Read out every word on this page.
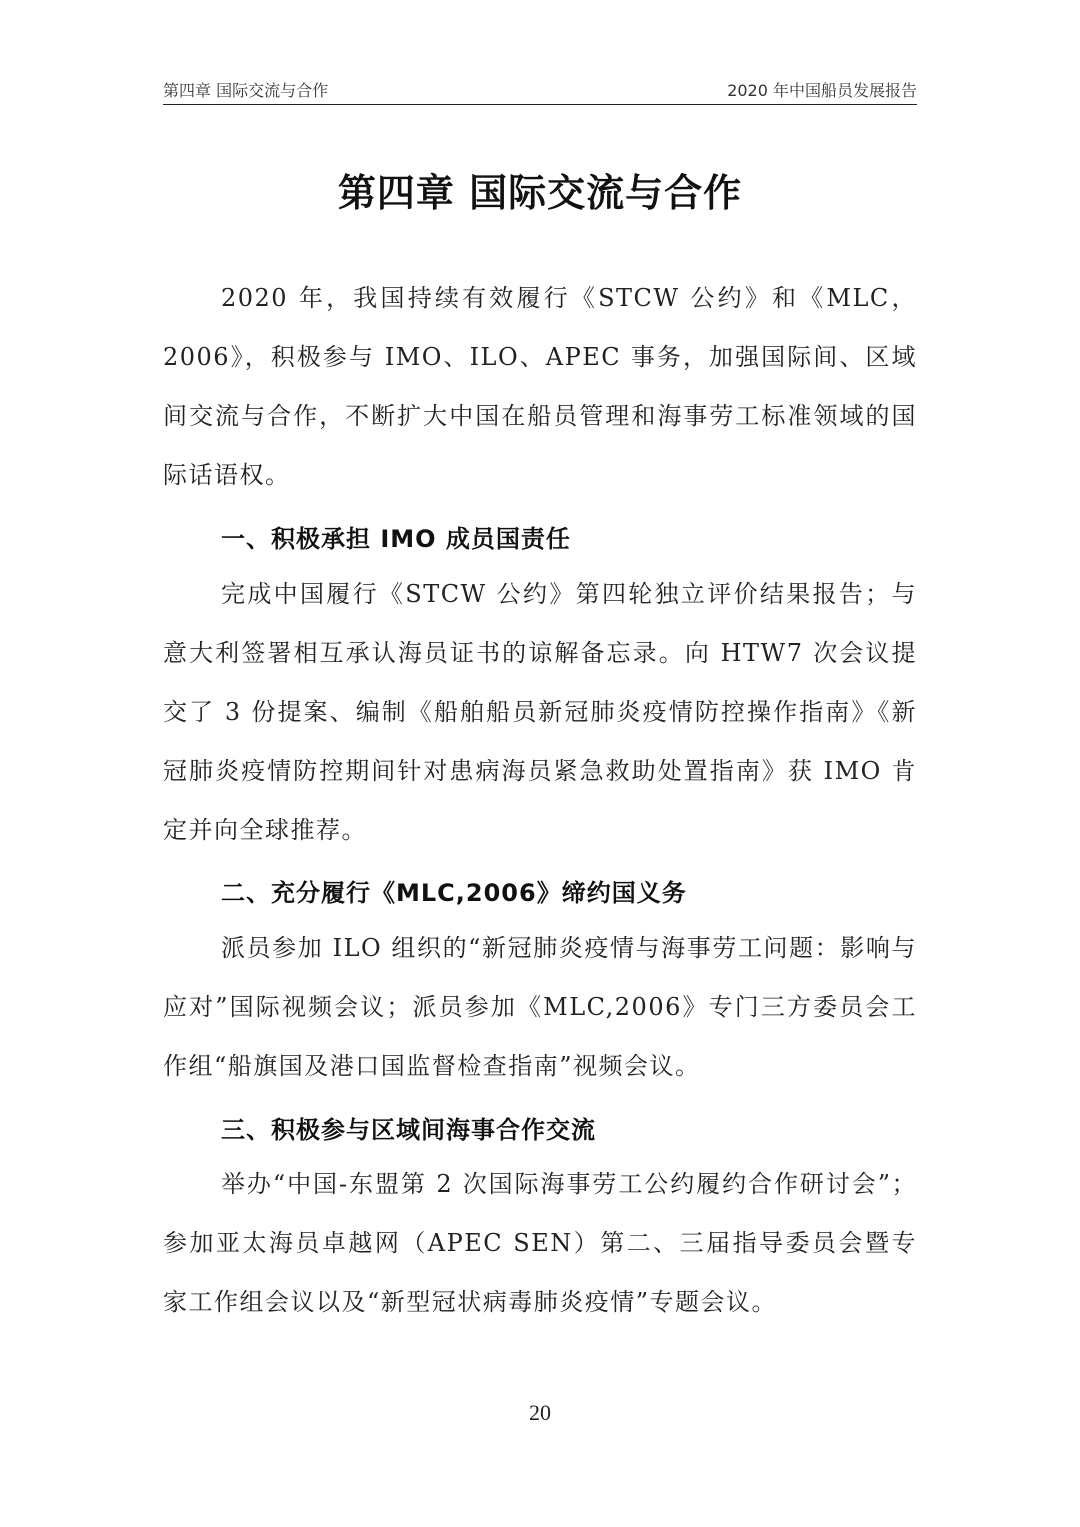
第四章 国际交流与合作	2020 年中国船员发展报告
第四章 国际交流与合作
2020 年，我国持续有效履行《STCW 公约》和《MLC，2006》，积极参与 IMO、ILO、APEC 事务，加强国际间、区域间交流与合作，不断扩大中国在船员管理和海事劳工标准领域的国际话语权。
一、积极承担 IMO 成员国责任
完成中国履行《STCW 公约》第四轮独立评价结果报告；与意大利签署相互承认海员证书的谅解备忘录。向 HTW7 次会议提交了 3 份提案、编制《船舶船员新冠肺炎疫情防控操作指南》《新冠肺炎疫情防控期间针对患病海员紧急救助处置指南》获 IMO 肯定并向全球推荐。
二、充分履行《MLC,2006》缔约国义务
派员参加 ILO 组织的“新冠肺炎疫情与海事劳工问题：影响与应对”国际视频会议；派员参加《MLC,2006》专门三方委员会工作组“船旗国及港口国监督检查指南”视频会议。
三、积极参与区域间海事合作交流
举办“中国-东盟第 2 次国际海事劳工公约履约合作研讨会”；参加亚太海员卓越网（APEC SEN）第二、三届指导委员会暨专家工作组会议以及“新型冠状病毒肺炎疫情”专题会议。
20
